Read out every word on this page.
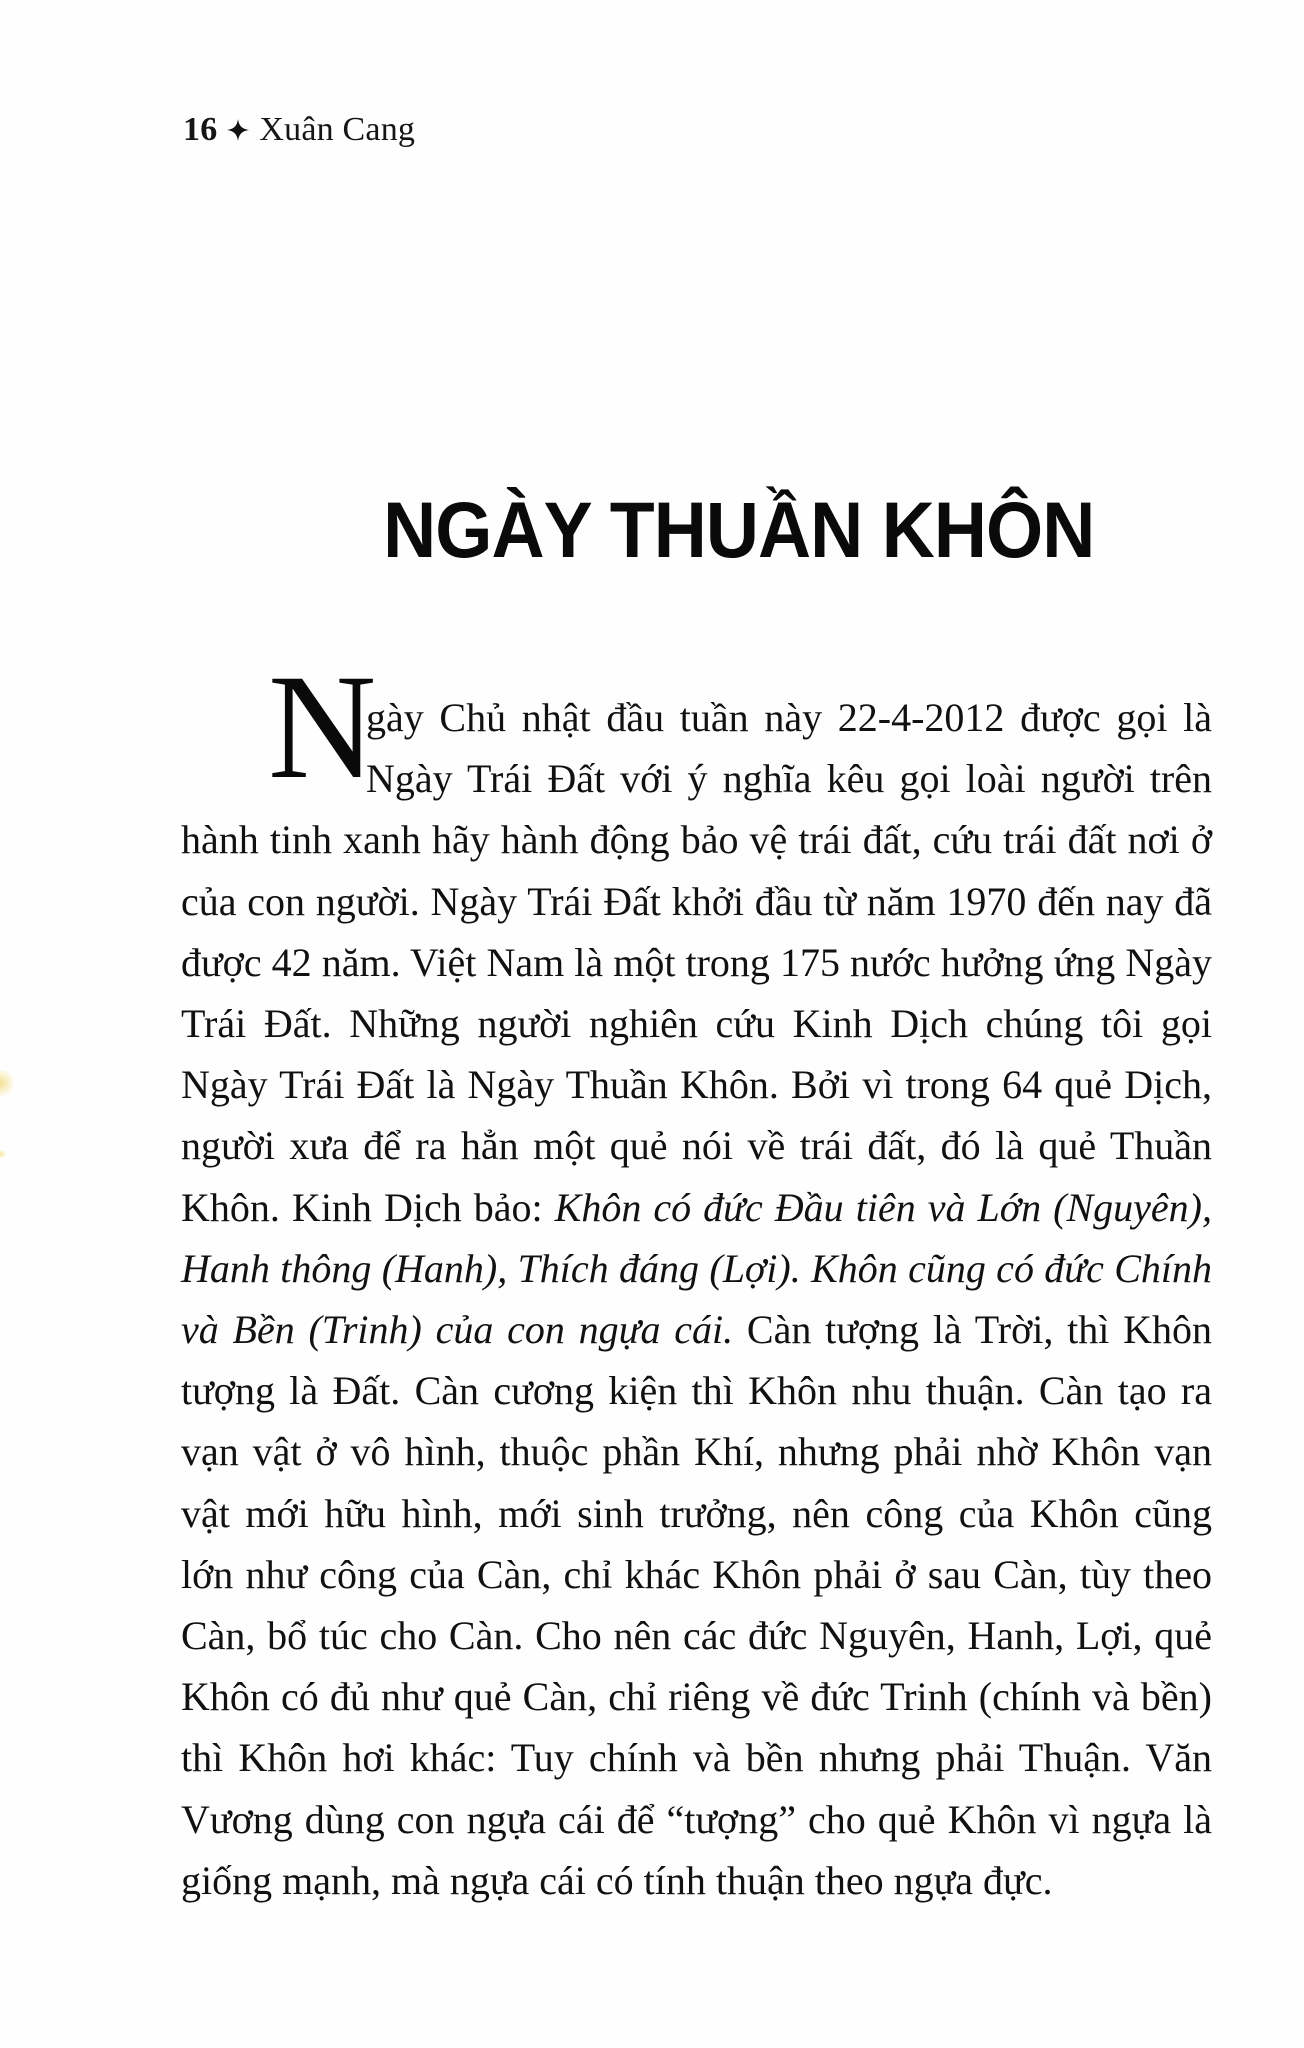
16 Xuân Cang
NGÀY THUẦN KHÔN
N
gày Chủ nhật đầu tuần này 22-4-2012 được gọi là
Ngày Trái Đất với ý nghĩa kêu gọi loài người trên
hành tinh xanh hãy hành động bảo vệ trái đất, cứu trái đất nơi ở
của con người. Ngày Trái Đất khởi đầu từ năm 1970 đến nay đã
được 42 năm. Việt Nam là một trong 175 nước hưởng ứng Ngày
Trái Đất. Những người nghiên cứu Kinh Dịch chúng tôi gọi
Ngày Trái Đất là Ngày Thuần Khôn. Bởi vì trong 64 quẻ Dịch,
người xưa để ra hẳn một quẻ nói về trái đất, đó là quẻ Thuần
Khôn. Kinh Dịch bảo: Khôn có đức Đầu tiên và Lớn (Nguyên),
Hanh thông (Hanh), Thích đáng (Lợi). Khôn cũng có đức Chính
và Bền (Trinh) của con ngựa cái. Càn tượng là Trời, thì Khôn
tượng là Đất. Càn cương kiện thì Khôn nhu thuận. Càn tạo ra
vạn vật ở vô hình, thuộc phần Khí, nhưng phải nhờ Khôn vạn
vật mới hữu hình, mới sinh trưởng, nên công của Khôn cũng
lớn như công của Càn, chỉ khác Khôn phải ở sau Càn, tùy theo
Càn, bổ túc cho Càn. Cho nên các đức Nguyên, Hanh, Lợi, quẻ
Khôn có đủ như quẻ Càn, chỉ riêng về đức Trinh (chính và bền)
thì Khôn hơi khác: Tuy chính và bền nhưng phải Thuận. Văn
Vương dùng con ngựa cái để “tượng” cho quẻ Khôn vì ngựa là
giống mạnh, mà ngựa cái có tính thuận theo ngựa đực.
